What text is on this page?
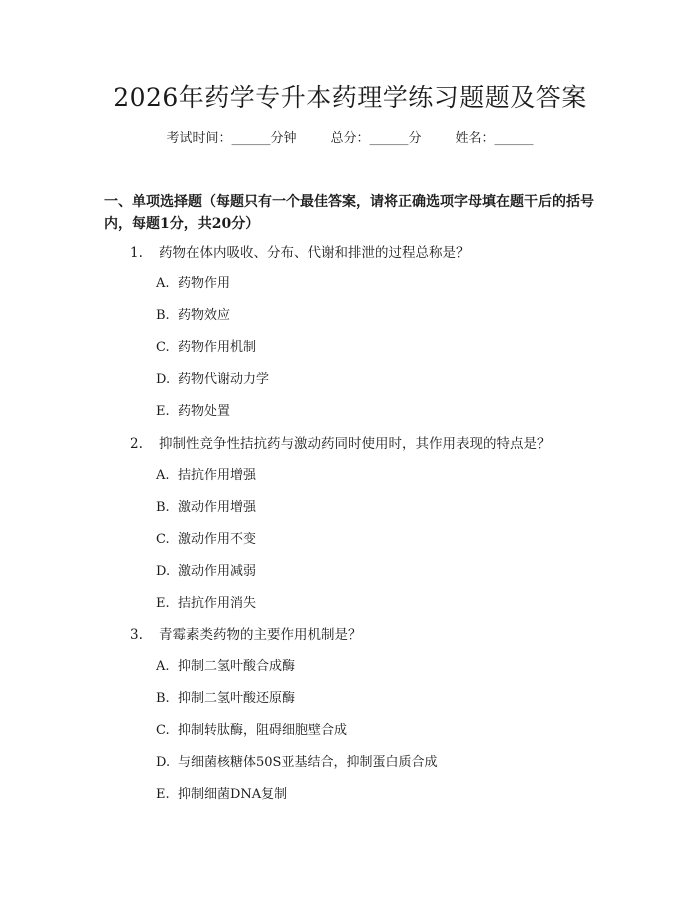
2026年药学专升本药理学练习题题及答案
考试时间：______分钟	总分：______分	姓名：______
一、单项选择题（每题只有一个最佳答案，请将正确选项字母填在题干后的括号内，每题1分，共20分）
1. 药物在体内吸收、分布、代谢和排泄的过程总称是？
A. 药物作用
B. 药物效应
C. 药物作用机制
D. 药物代谢动力学
E. 药物处置
2. 抑制性竞争性拮抗药与激动药同时使用时，其作用表现的特点是？
A. 拮抗作用增强
B. 激动作用增强
C. 激动作用不变
D. 激动作用减弱
E. 拮抗作用消失
3. 青霉素类药物的主要作用机制是？
A. 抑制二氢叶酸合成酶
B. 抑制二氢叶酸还原酶
C. 抑制转肽酶，阻碍细胞壁合成
D. 与细菌核糖体50S亚基结合，抑制蛋白质合成
E. 抑制细菌DNA复制
